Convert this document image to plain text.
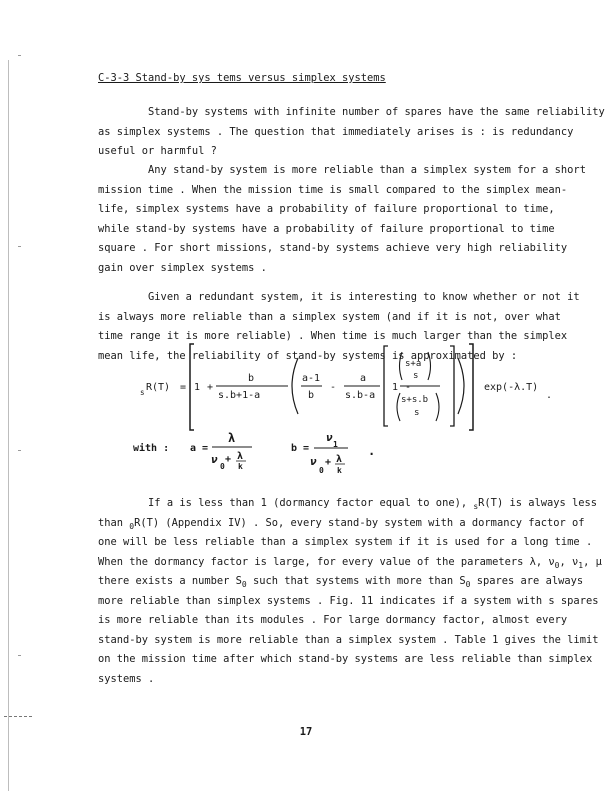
C-3-3 Stand-by sys tems versus simplex systems
Stand-by systems with infinite number of spares have the same reliability
as simplex systems . The question that immediately arises is : is redundancy
useful or harmful ?
Any stand-by system is more reliable than a simplex system for a short
mission time . When the mission time is small compared to the simplex mean-
life, simplex systems have a probability of failure proportional to time,
while stand-by systems have a probability of failure proportional to time
square . For short missions, stand-by systems achieve very high reliability
gain over simplex systems .
Given a redundant system, it is interesting to know whether or not it
is always more reliable than a simplex system (and if it is not, over what
time range it is more reliable) . When time is much larger than the simplex
mean life, the reliability of stand-by systems is approximated by :
s R(T) = 1 +
b
s.b+1-a
a-1
b
-
a
s.b-a
1 -
s+a
s
s+s.b
s
exp(-λ.T)
.
with : a =
λ
ν
0
+ λ
k
b =
ν
1
ν
0
+ λ
k
.
If a is less than 1 (dormancy factor equal to one), $_s$R(T) is always less
than $_0$R(T) (Appendix IV) . So, every stand-by system with a dormancy factor of
one will be less reliable than a simplex system if it is used for a long time .
When the dormancy factor is large, for every value of the parameters λ, $\nu_0$, $\nu_1$, μ
there exists a number $S_0$ such that systems with more than $S_0$ spares are always
more reliable than simplex systems . Fig. 11 indicates if a system with s spares
is more reliable than its modules . For large dormancy factor, almost every
stand-by system is more reliable than a simplex system . Table 1 gives the limit
on the mission time after which stand-by systems are less reliable than simplex
systems .
17
